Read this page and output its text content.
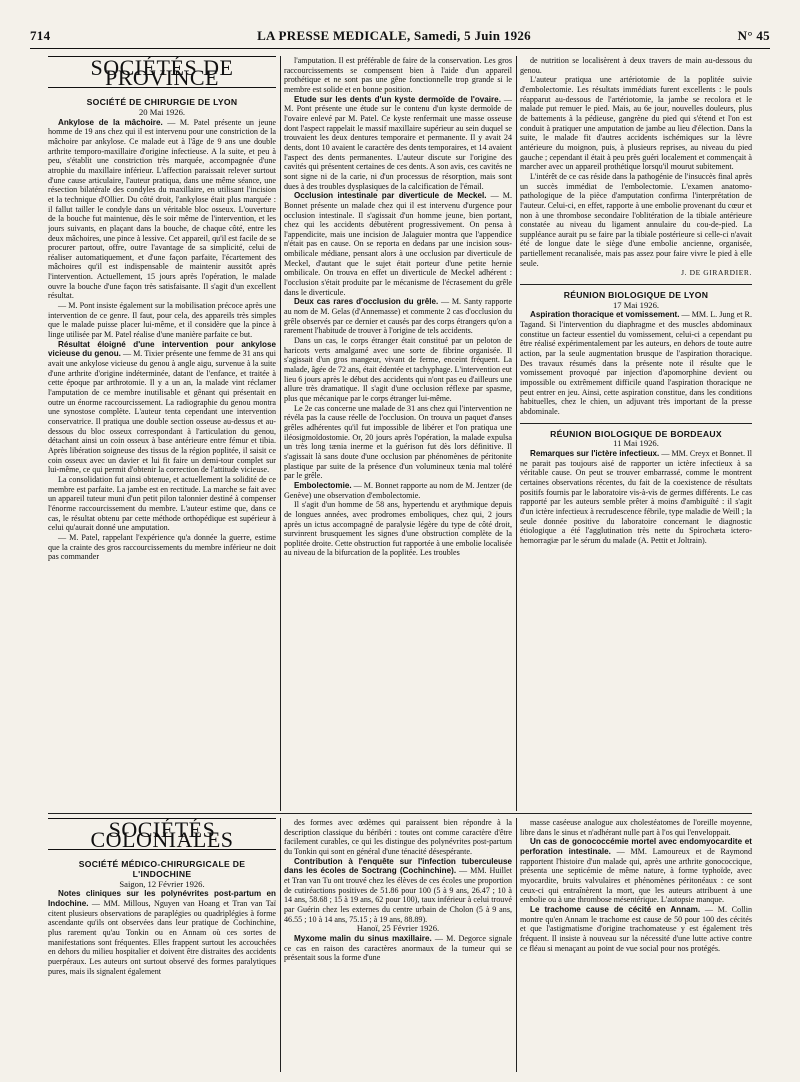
714	LA PRESSE MEDICALE, Samedi, 5 Juin 1926	N° 45
SOCIÉTÉS DE PROVINCE

SOCIÉTÉ DE CHIRURGIE DE LYON

20 Mai 1926.

Ankylose de la mâchoire. — M. Patel présente un jeune homme de 19 ans chez qui il est intervenu pour une constriction de la mâchoire par ankylose. Ce malade eut à l'âge de 9 ans une double arthrite temporo-maxillaire d'origine infectieuse. A la suite, et peu à peu, s'établit une constriction très marquée, accompagnée d'une atrophie du maxillaire inférieur. L'affection paraissait relever surtout d'une cause articulaire, l'auteur pratiqua, dans une même séance, une résection bilatérale des condyles du maxillaire, en utilisant l'incision et la technique d'Ollier. Du côté droit, l'ankylose était plus marquée : il fallut tailler le condyle dans un véritable bloc osseux. L'ouverture de la bouche fut maintenue, dès le soir même de l'intervention, et les jours suivants, en plaçant dans la bouche, de chaque côté, entre les deux mâchoires, une pince à lessive. Cet appareil, qu'il est facile de se procurer partout, offre, outre l'avantage de sa simplicité, celui de réaliser automatiquement, et d'une façon parfaite, l'écartement des mâchoires qu'il est indispensable de maintenir aussitôt après l'intervention. Actuellement, 15 jours après l'opération, le malade ouvre la bouche d'une façon très satisfaisante. Il s'agit d'un excellent résultat.

— M. Pont insiste également sur la mobilisation précoce après une intervention de ce genre. Il faut, pour cela, des appareils très simples que le malade puisse placer lui-même, et il considère que la pince à linge utilisée par M. Patel réalise d'une manière parfaite ce but.

Résultat éloigné d'une intervention pour ankylose vicieuse du genou. — M. Tixier présente une femme de 31 ans qui avait une ankylose vicieuse du genou à angle aigu, survenue à la suite d'une arthrite d'origine indéterminée, datant de l'enfance, et traitée à cette époque par arthrotomie. Il y a un an, la malade vint réclamer l'amputation de ce membre inutilisable et gênant qui présentait en outre un énorme raccourcissement. La radiographie du genou montra une synostose complète. L'auteur tenta cependant une intervention conservatrice. Il pratiqua une double section osseuse au-dessus et au-dessous du bloc osseux correspondant à l'articulation du genou, détachant ainsi un coin osseux à base antérieure entre fémur et tibia. Après libération soigneuse des tissus de la région poplitée, il saisit ce coin osseux avec un davier et lui fit faire un demi-tour complet sur lui-même, ce qui permit d'obtenir la correction de l'attitude vicieuse.

La consolidation fut ainsi obtenue, et actuellement la solidité de ce membre est parfaite. La jambe est en rectitude. La marche se fait avec un appareil tuteur muni d'un petit pilon talonnier destiné à compenser l'énorme raccourcissement du membre. L'auteur estime que, dans ce cas, le résultat obtenu par cette méthode orthopédique est supérieur à celui qu'aurait donné une amputation.

— M. Patel, rappelant l'expérience qu'a donnée la guerre, estime que la crainte des gros raccourcissements du membre inférieur ne doit pas commander

l'amputation. Il est préférable de faire de la conservation. Les gros raccourcissements se compensent bien à l'aide d'un appareil prothétique et ne sont pas une gêne fonctionnelle trop grande si le membre est solide et en bonne position.

Etude sur les dents d'un kyste dermoïde de l'ovaire. — M. Pont présente une étude sur le contenu d'un kyste dermoïde de l'ovaire enlevé par M. Patel. Ce kyste renfermait une masse osseuse dont l'aspect rappelait le massif maxillaire supérieur au sein duquel se trouvaient les deux dentures temporaire et permanente. Il y avait 24 dents, dont 10 avaient le caractère des dents temporaires, et 14 avaient l'aspect des dents permanentes. L'auteur discute sur l'origine des cavités qui présentent certaines de ces dents. A son avis, ces cavités ne sont signe ni de la carie, ni d'un processus de résorption, mais sont dues à des troubles dysplasiques de la calcification de l'émail.

Occlusion intestinale par diverticule de Meckel. — M. Bonnet présente un malade chez qui il est intervenu d'urgence pour occlusion intestinale. Il s'agissait d'un homme jeune, bien portant, chez qui les accidents débutèrent progressivement. On pensa à l'appendicite, mais une incision de Jalaguier montra que l'appendice n'était pas en cause. On se reporta en dedans par une incision sous-ombilicale médiane, pensant alors à une occlusion par diverticule de Meckel, d'autant que le sujet était porteur d'une petite hernie ombilicale. On trouva en effet un diverticule de Meckel adhérent : l'occlusion s'était produite par le mécanisme de l'écrasement du grêle dans le diverticule.

Deux cas rares d'occlusion du grêle. — M. Santy rapporte au nom de M. Gelas (d'Annemasse) et commente 2 cas d'occlusion du grêle observés par ce dernier et causés par des corps étrangers qu'on a rarement l'habitude de trouver à l'origine de tels accidents.

Dans un cas, le corps étranger était constitué par un peloton de haricots verts amalgamé avec une sorte de fibrine organisée. Il s'agissait d'un gros mangeur, vivant de ferme, enceint fréquent. La malade, âgée de 72 ans, était édentée et tachyphage. L'intervention eut lieu 6 jours après le début des accidents qui n'ont pas eu d'ailleurs une allure très dramatique. Il s'agit d'une occlusion réflexe par spasme, plus que mécanique par le corps étranger lui-même.

Le 2e cas concerne une malade de 31 ans chez qui l'intervention ne révéla pas la cause réelle de l'occlusion. On trouva un paquet d'anses grêles adhérentes qu'il fut impossible de libérer et l'on pratiqua une iléosigmoïdostomie. Or, 20 jours après l'opération, la malade expulsa un très long tænia inerme et la guérison fut dès lors définitive. Il s'agissait là sans doute d'une occlusion par phénomènes de péritonite plastique par suite de la présence d'un volumineux tænia mal toléré par le grêle.

Embolectomie. — M. Bonnet rapporte au nom de M. Jentzer (de Genève) une observation d'embolectomie.

Il s'agit d'un homme de 58 ans, hypertendu et arythmique depuis de longues années, avec prodromes emboliques, chez qui, 2 jours après un ictus accompagné de paralysie légère du type de côté droit, survinrent brusquement les signes d'une obstruction complète de la poplitée droite. Cette obstruction fut rapportée à une embolie localisée au niveau de la bifurcation de la poplitée. Les troubles

de nutrition se localisèrent à deux travers de main au-dessous du genou.

L'auteur pratiqua une artériotomie de la poplitée suivie d'embolectomie. Les résultats immédiats furent excellents : le pouls réapparut au-dessous de l'artériotomie, la jambe se recolora et le malade put remuer le pied. Mais, au 6e jour, nouvelles douleurs, plus de battements à la pédieuse, gangrène du pied qui s'étend et l'on est conduit à pratiquer une amputation de jambe au lieu d'élection. Dans la suite, le malade fit d'autres accidents ischémiques sur la lèvre antérieure du moignon, puis, à plusieurs reprises, au niveau du pied gauche ; cependant il était à peu près guéri localement et commençait à marcher avec un appareil prothétique lorsqu'il mourut subitement.

L'intérêt de ce cas réside dans la pathogénie de l'insuccès final après un succès immédiat de l'embolectomie. L'examen anatomo-pathologique de la pièce d'amputation confirma l'interprétation de l'auteur. Celui-ci, en effet, rapporte à une embolie provenant du cœur et non à une thrombose secondaire l'oblitération de la tibiale antérieure constatée au niveau du ligament annulaire du cou-de-pied. La suppléance aurait pu se faire par la tibiale postérieure si celle-ci n'avait été de longue date le siège d'une embolie ancienne, organisée, partiellement recanalisée, mais pas assez pour faire vivre le pied à elle seule.

J. DE GIRARDIER.

RÉUNION BIOLOGIQUE DE LYON

17 Mai 1926.

Aspiration thoracique et vomissement. — MM. L. Jung et R. Tagand. Si l'intervention du diaphragme et des muscles abdominaux constitue un facteur essentiel du vomissement, celui-ci a cependant pu être réalisé expérimentalement par les auteurs, en dehors de toute autre action, par la seule augmentation brusque de l'aspiration thoracique. Des travaux résumés dans la présente note il résulte que le vomissement provoqué par injection d'apomorphine devient ou impossible ou extrêmement difficile quand l'aspiration thoracique ne peut entrer en jeu. Ainsi, cette aspiration constitue, dans les conditions habituelles, chez le chien, un adjuvant très important de la presse abdominale.

RÉUNION BIOLOGIQUE DE BORDEAUX

11 Mai 1926.

Remarques sur l'ictère infectieux. — MM. Creyx et Bonnet. Il ne parait pas toujours aisé de rapporter un ictère infectieux à sa véritable cause. On peut se trouver embarrassé, comme le montrent certaines observations récentes, du fait de la coexistence de résultats positifs fournis par le laboratoire vis-à-vis de germes différents. Le cas rapporté par les auteurs semble prêter à moins d'ambiguïté : il s'agit d'un ictère infectieux à recrudescence fébrile, type maladie de Weill ; la seule donnée positive du laboratoire concernant le diagnostic étiologique a été l'agglutination très nette du Spirochæta ictero-hemorragiæ par le sérum du malade (A. Pettit et Joltrain).

SOCIÉTÉS COLONIALES

SOCIÉTÉ MÉDICO-CHIRURGICALE DE L'INDOCHINE

Saigon, 12 Février 1926.

Notes cliniques sur les polynévrites post-partum en Indochine. — MM. Millous, Nguyen van Hoang et Tran van Taï citent plusieurs observations de paraplégies ou quadriplégies à forme ascendante qu'ils ont observées dans leur pratique de Cochinchine, plus rarement qu'au Tonkin ou en Annam où ces sortes de manifestations sont fréquentes. Elles frappent surtout les accouchées en dehors du milieu hospitalier et doivent être distraites des accidents puerpéraux. Les auteurs ont surtout observé des formes paralytiques pures, mais ils signalent également

des formes avec œdèmes qui paraissent bien répondre à la description classique du béribéri : toutes ont comme caractère d'être facilement curables, ce qui les distingue des polynévrites post-partum du Tonkin qui sont en général d'une ténacité désespérante.

Contribution à l'enquête sur l'infection tuberculeuse dans les écoles de Soctrang (Cochinchine). — MM. Huillet et Tran van Tu ont trouvé chez les élèves de ces écoles une proportion de cutiréactions positives de 51.86 pour 100 (5 à 9 ans, 26.47 ; 10 à 14 ans, 58.68 ; 15 à 19 ans, 62 pour 100), taux inférieur à celui trouvé par Guérin chez les externes du centre urbain de Cholon (5 à 9 ans, 46.55 ; 10 à 14 ans, 75.15 ; à 19 ans, 88.89).

Hanoï, 25 Février 1926.

Myxome malin du sinus maxillaire. — M. Degorce signale ce cas en raison des caractères anormaux de la tumeur qui se présentait sous la forme d'une

masse caséeuse analogue aux cholestéatomes de l'oreille moyenne, libre dans le sinus et n'adhérant nulle part à l'os qui l'enveloppait.

Un cas de gonococcémie mortel avec endomyocardite et perforation intestinale. — MM. Lamoureux et de Raymond rapportent l'histoire d'un malade qui, après une arthrite gonococcique, présenta une septicémie de même nature, à forme typhoïde, avec myocardite, bruits valvulaires et phénomènes péritonéaux : ce sont ceux-ci qui entraînèrent la mort, que les auteurs attribuent à une embolie ou à une thrombose mésentérique. L'autopsie manque.

Le trachome cause de cécité en Annam. — M. Collin montre qu'en Annam le trachome est cause de 50 pour 100 des cécités et que l'astigmatisme d'origine trachomateuse y est également très fréquent. Il insiste à nouveau sur la nécessité d'une lutte active contre ce fléau si menaçant au point de vue social pour nos protégés.
